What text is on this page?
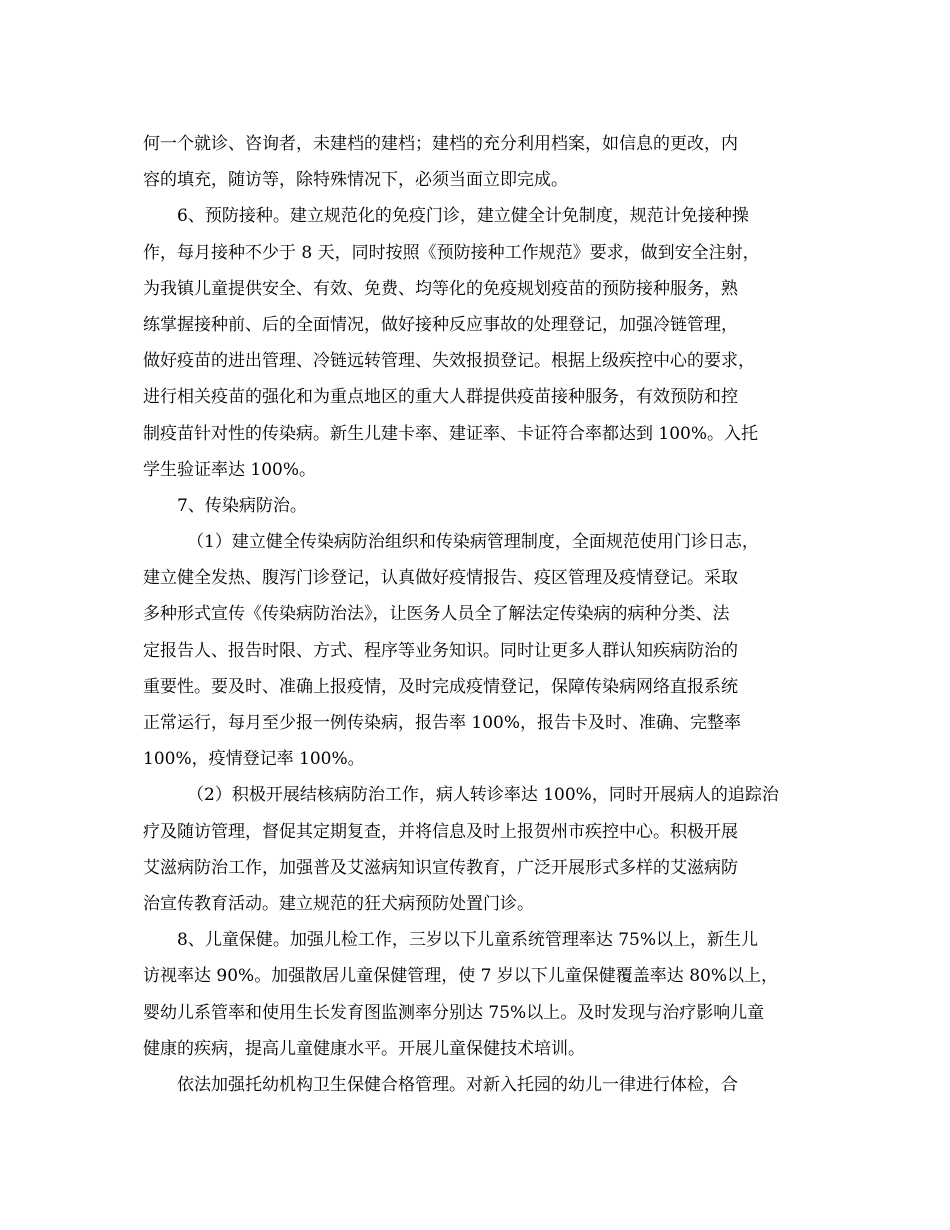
何一个就诊、咨询者，未建档的建档；建档的充分利用档案，如信息的更改，内
容的填充，随访等，除特殊情况下，必须当面立即完成。
6、预防接种。建立规范化的免疫门诊，建立健全计免制度，规范计免接种操
作，每月接种不少于 8 天，同时按照《预防接种工作规范》要求，做到安全注射，
为我镇儿童提供安全、有效、免费、均等化的免疫规划疫苗的预防接种服务，熟
练掌握接种前、后的全面情况，做好接种反应事故的处理登记，加强冷链管理，
做好疫苗的进出管理、冷链远转管理、失效报损登记。根据上级疾控中心的要求，
进行相关疫苗的强化和为重点地区的重大人群提供疫苗接种服务，有效预防和控
制疫苗针对性的传染病。新生儿建卡率、建证率、卡证符合率都达到 100%。入托
学生验证率达 100%。
7、传染病防治。
（1）建立健全传染病防治组织和传染病管理制度，全面规范使用门诊日志，
建立健全发热、腹泻门诊登记，认真做好疫情报告、疫区管理及疫情登记。采取
多种形式宣传《传染病防治法》，让医务人员全了解法定传染病的病种分类、法
定报告人、报告时限、方式、程序等业务知识。同时让更多人群认知疾病防治的
重要性。要及时、准确上报疫情，及时完成疫情登记，保障传染病网络直报系统
正常运行，每月至少报一例传染病，报告率 100%，报告卡及时、准确、完整率
100%，疫情登记率 100%。
（2）积极开展结核病防治工作，病人转诊率达 100%，同时开展病人的追踪治
疗及随访管理，督促其定期复查，并将信息及时上报贺州市疾控中心。积极开展
艾滋病防治工作，加强普及艾滋病知识宣传教育，广泛开展形式多样的艾滋病防
治宣传教育活动。建立规范的狂犬病预防处置门诊。
8、儿童保健。加强儿检工作，三岁以下儿童系统管理率达 75%以上，新生儿
访视率达 90%。加强散居儿童保健管理，使 7 岁以下儿童保健覆盖率达 80%以上，
婴幼儿系管率和使用生长发育图监测率分别达 75%以上。及时发现与治疗影响儿童
健康的疾病，提高儿童健康水平。开展儿童保健技术培训。
依法加强托幼机构卫生保健合格管理。对新入托园的幼儿一律进行体检，合
